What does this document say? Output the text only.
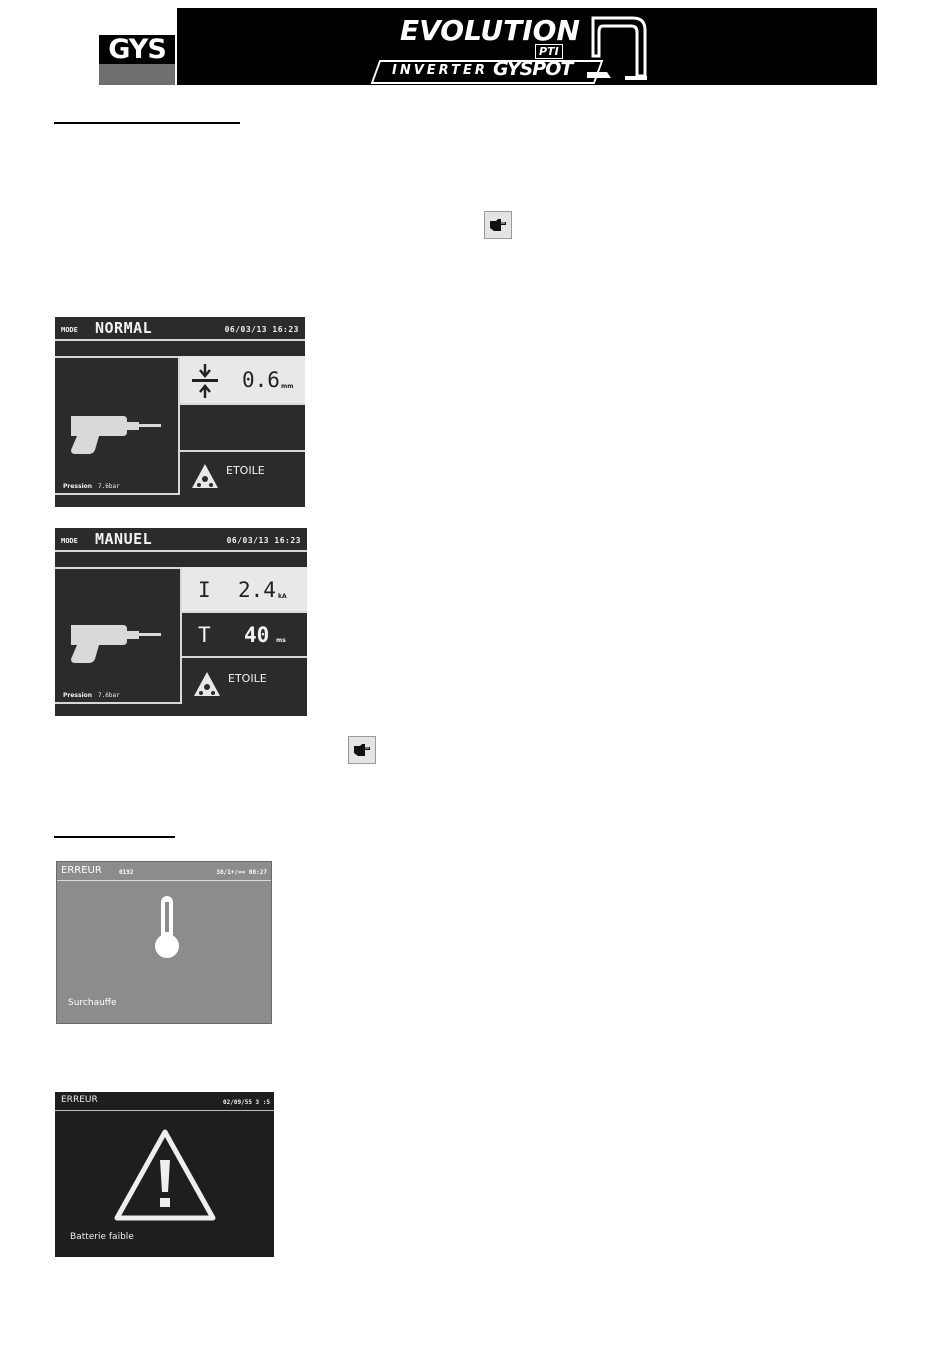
GYS
EVOLUTION
PTI
INVERTER GYSPOT
MODE NORMAL	06/03/13 16:23
Pression 7.6bar
0.6 mm
ETOILE
MODE MANUEL	06/03/13 16:23
Pression 7.6bar
I 2.4 kA
T 40 ms
ETOILE
ERREUR	0192	38/1+/== 08:27
Surchauffe
ERREUR	02/09/55 3 :5
Batterie faible
